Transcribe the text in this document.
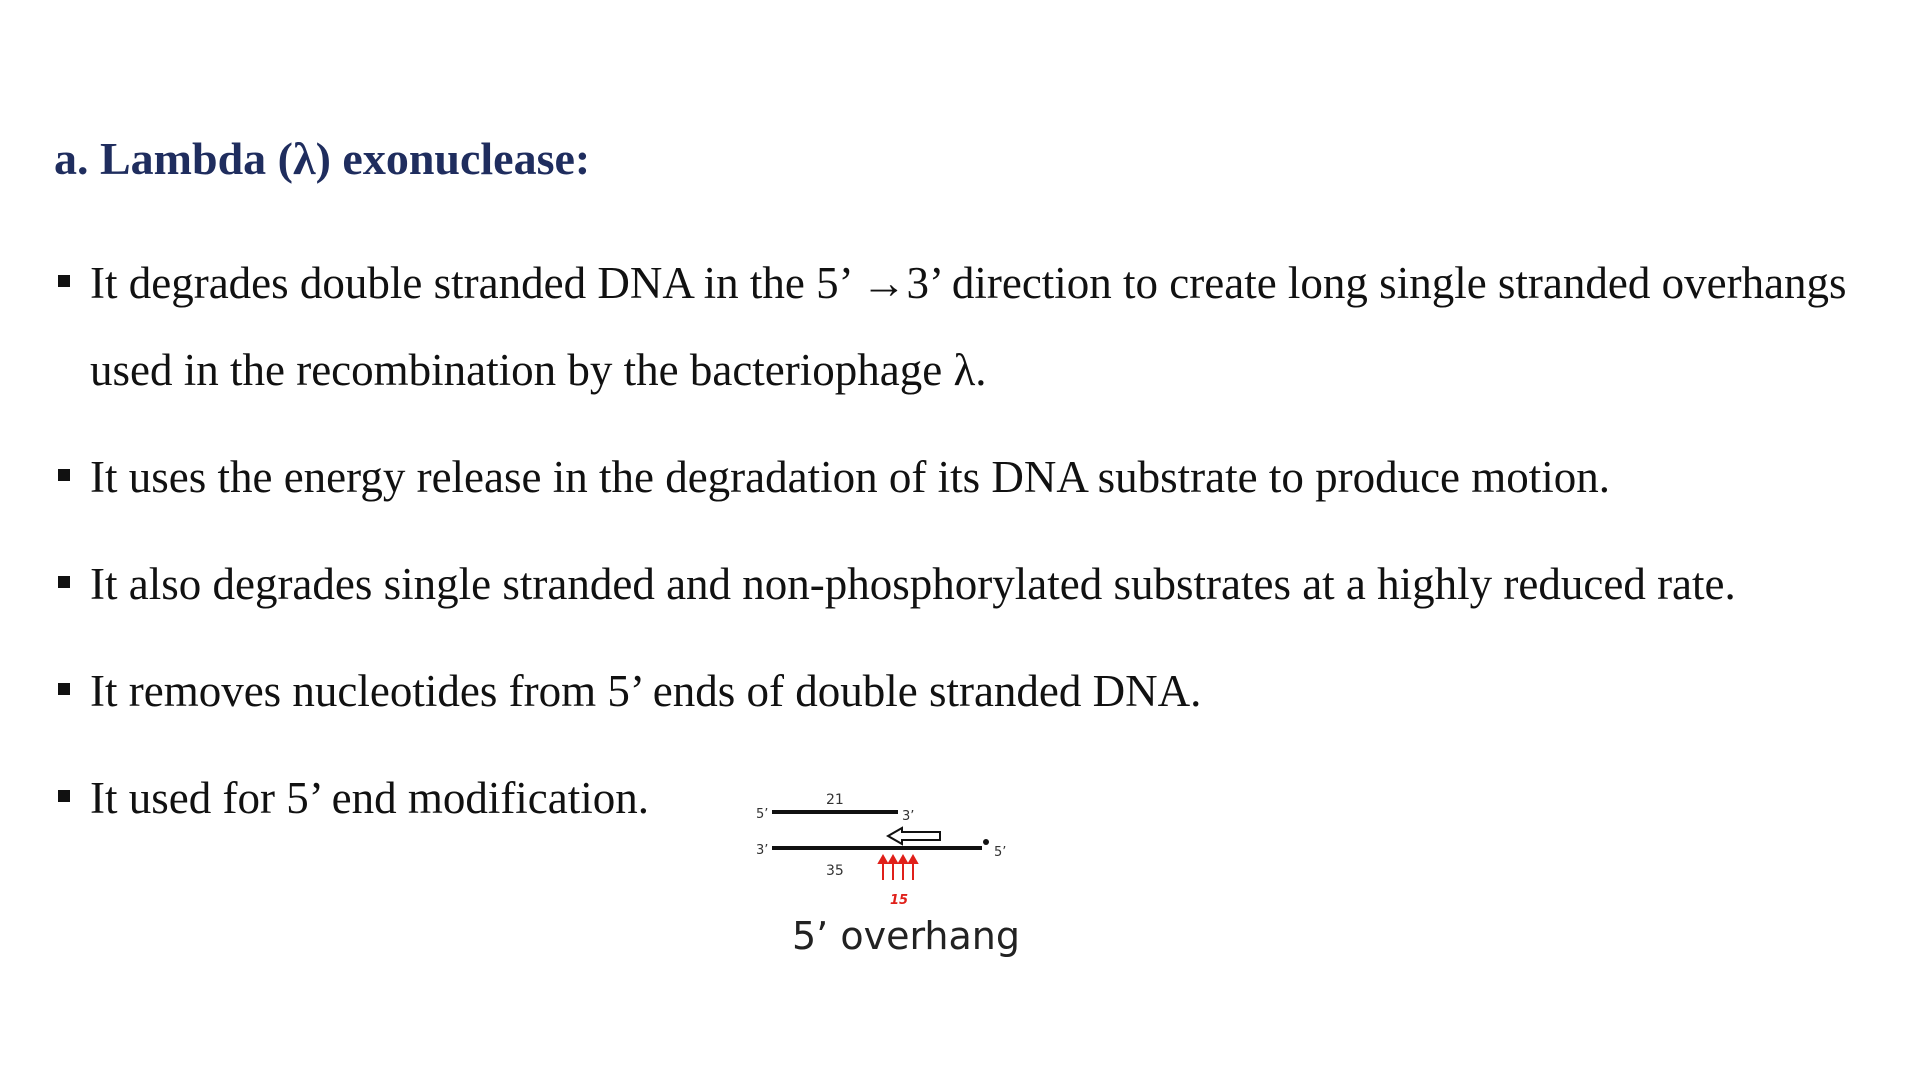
a. Lambda (λ) exonuclease:
It degrades double stranded DNA in the 5’ →3’ direction to create long single stranded overhangs used in the recombination by the bacteriophage λ.
It uses the energy release in the degradation of its DNA substrate to produce motion.
It also degrades single stranded and non-phosphorylated substrates at a highly reduced rate.
It removes nucleotides from 5’ ends of double stranded DNA.
It used for 5’ end modification.	5’	3’
21
3’	5’
35
15
5’ overhang
